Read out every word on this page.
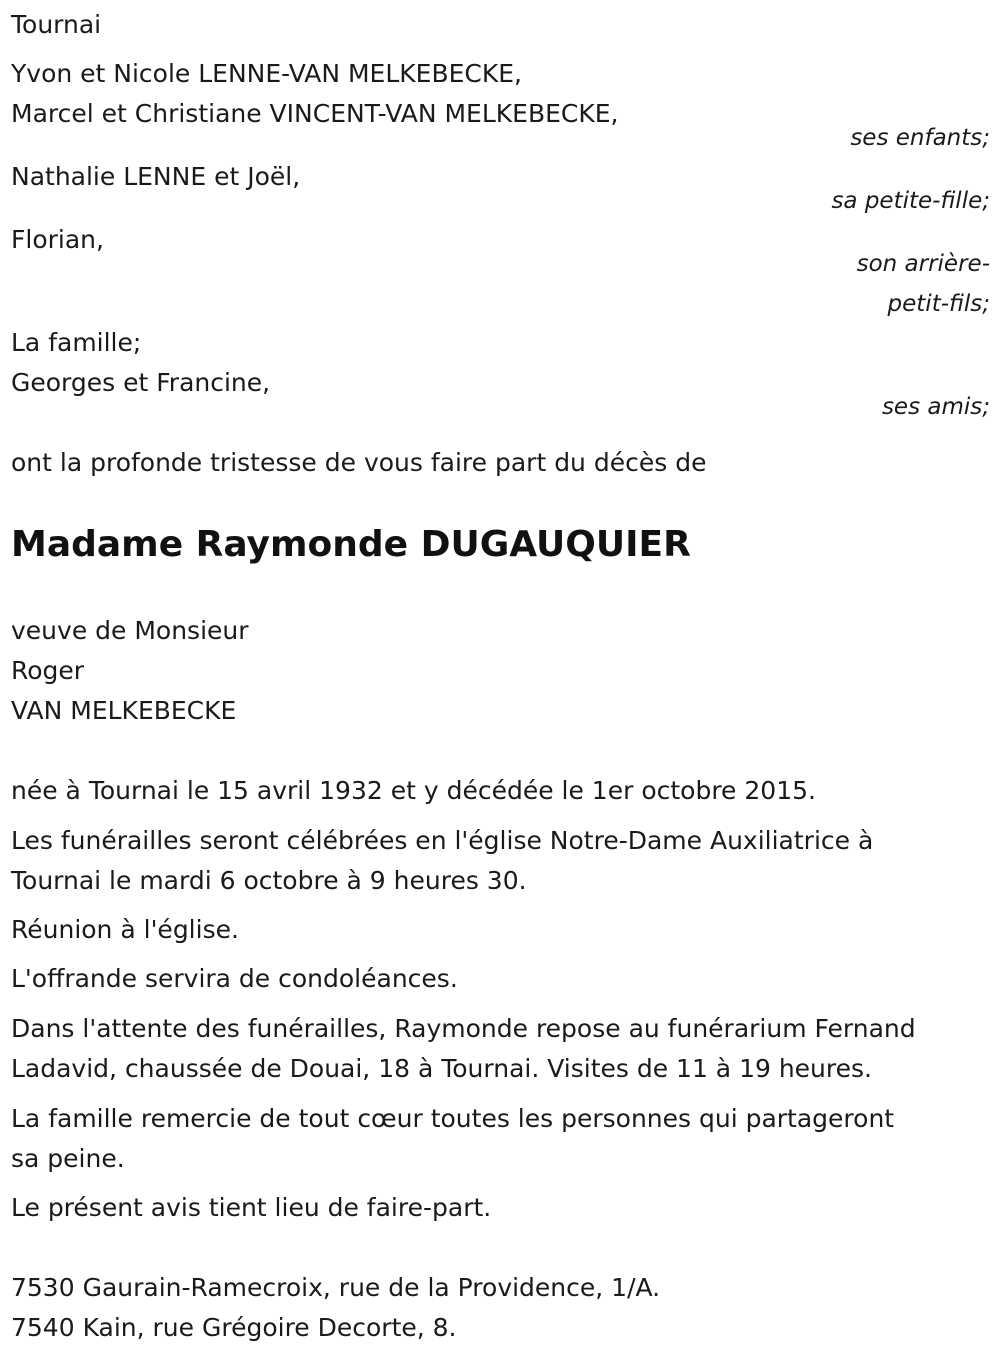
Tournai
Yvon et Nicole LENNE-VAN MELKEBECKE,
Marcel et Christiane VINCENT-VAN MELKEBECKE,
ses enfants;
Nathalie LENNE et Joël,
sa petite-fille;
Florian,
son arrière-
petit-fils;
La famille;
Georges et Francine,
ses amis;
ont la profonde tristesse de vous faire part du décès de
Madame Raymonde DUGAUQUIER
veuve de Monsieur
Roger
VAN MELKEBECKE
née à Tournai le 15 avril 1932 et y décédée le 1er octobre 2015.
Les funérailles seront célébrées en l'église Notre-Dame Auxiliatrice à
Tournai le mardi 6 octobre à 9 heures 30.
Réunion à l'église.
L'offrande servira de condoléances.
Dans l'attente des funérailles, Raymonde repose au funérarium Fernand
Ladavid, chaussée de Douai, 18 à Tournai. Visites de 11 à 19 heures.
La famille remercie de tout cœur toutes les personnes qui partageront
sa peine.
Le présent avis tient lieu de faire-part.
7530 Gaurain-Ramecroix, rue de la Providence, 1/A.
7540 Kain, rue Grégoire Decorte, 8.
